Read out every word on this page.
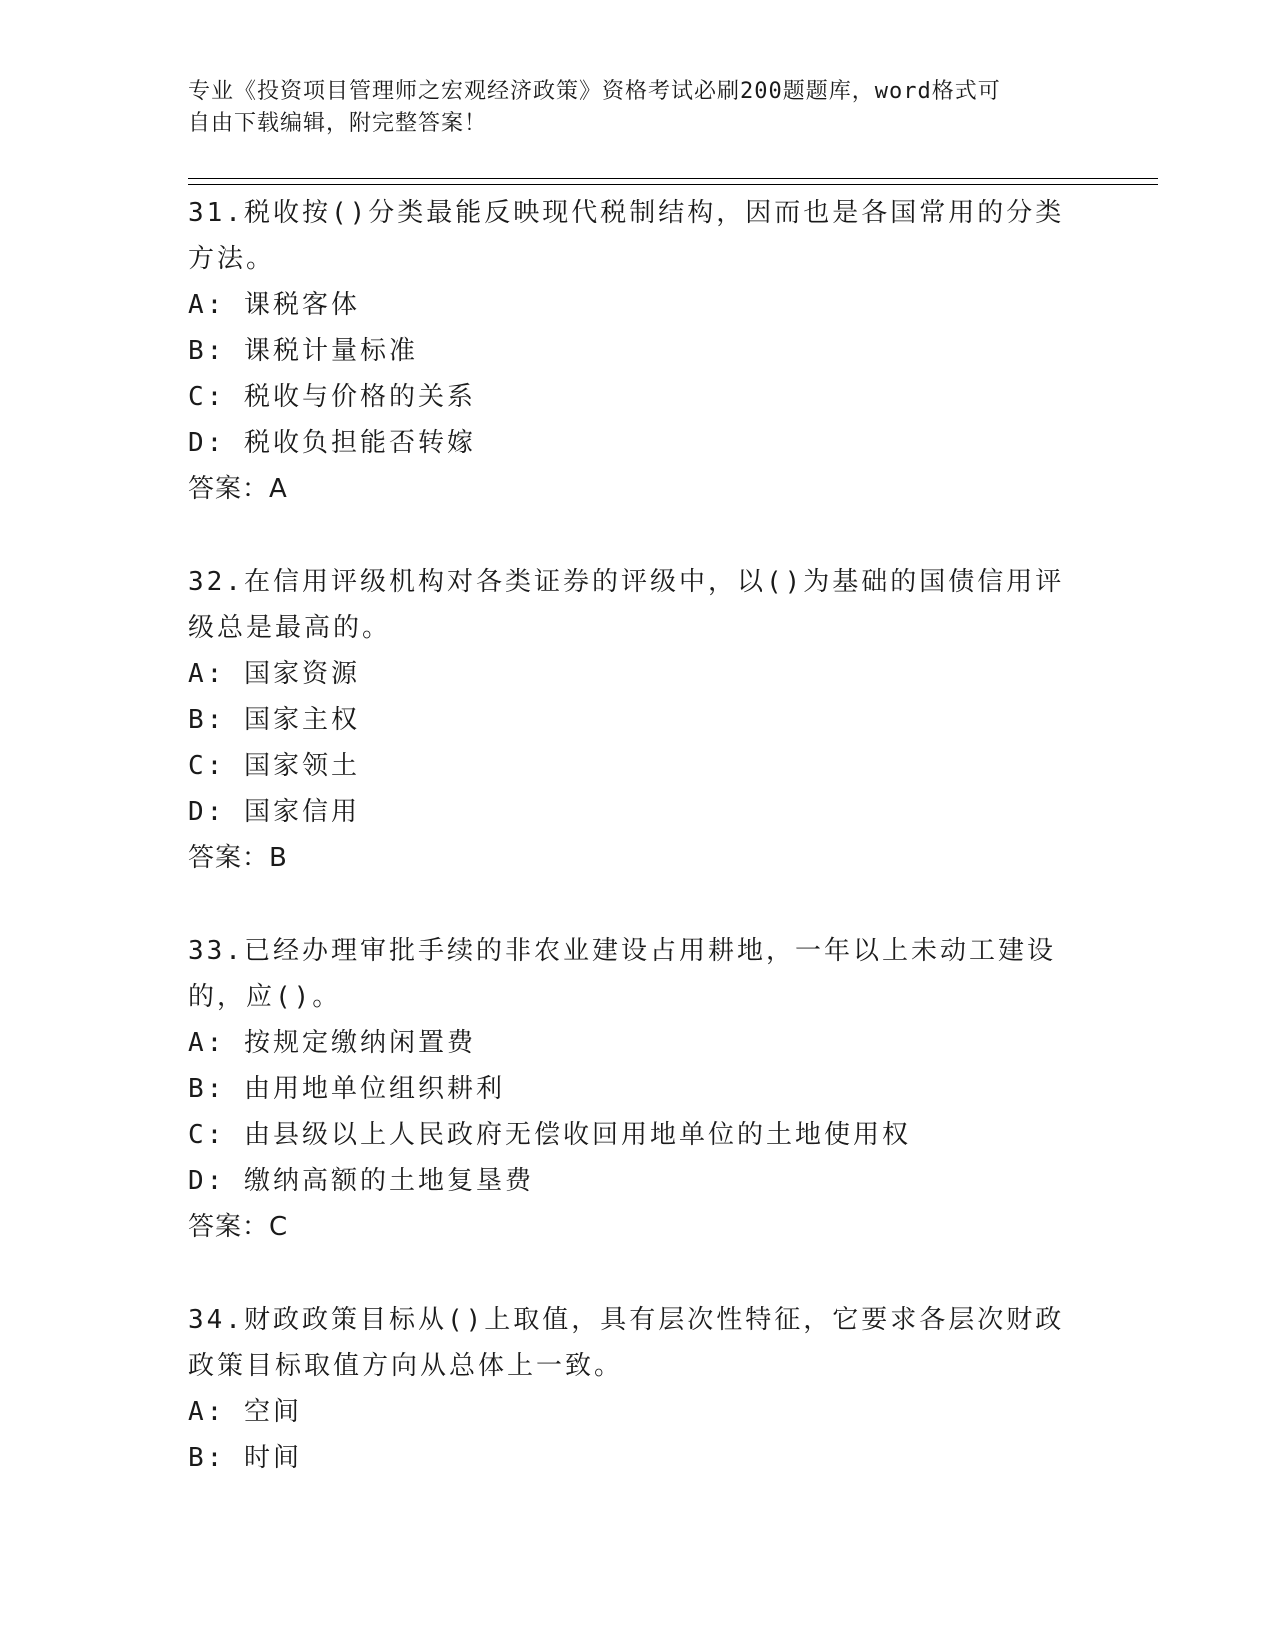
专业《投资项目管理师之宏观经济政策》资格考试必刷200题题库，word格式可

自由下载编辑，附完整答案！

31.税收按()分类最能反映现代税制结构，因而也是各国常用的分类方法。

A: 课税客体

B: 课税计量标准

C: 税收与价格的关系

D: 税收负担能否转嫁

答案：A

32.在信用评级机构对各类证券的评级中，以()为基础的国债信用评级总是最高的。

A: 国家资源

B: 国家主权

C: 国家领土

D: 国家信用

答案：B

33.已经办理审批手续的非农业建设占用耕地，一年以上未动工建设的，应()。

A: 按规定缴纳闲置费

B: 由用地单位组织耕利

C: 由县级以上人民政府无偿收回用地单位的土地使用权

D: 缴纳高额的土地复垦费

答案：C

34.财政政策目标从()上取值，具有层次性特征，它要求各层次财政政策目标取值方向从总体上一致。

A: 空间

B: 时间
